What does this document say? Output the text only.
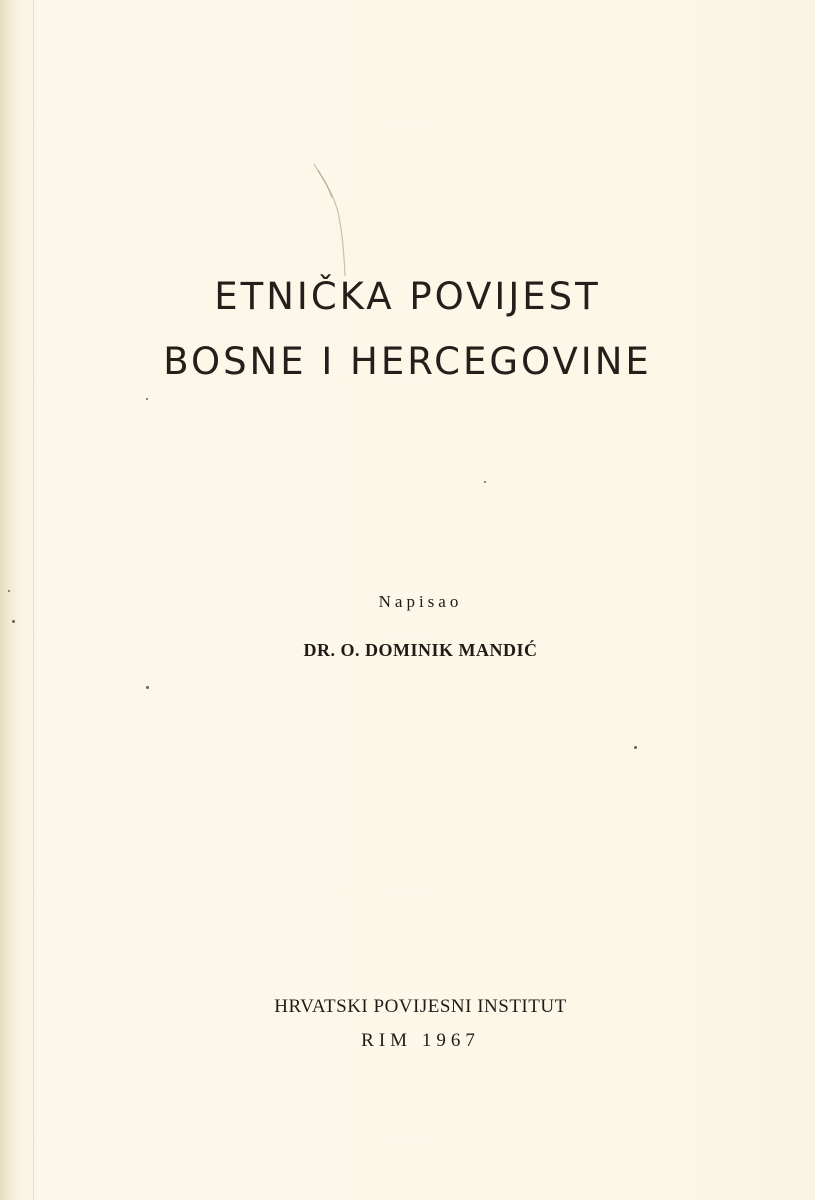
ETNIČKA POVIJEST
BOSNE I HERCEGOVINE
Napisao
DR. O. DOMINIK MANDIĆ
HRVATSKI POVIJESNI INSTITUT
RIM 1967
